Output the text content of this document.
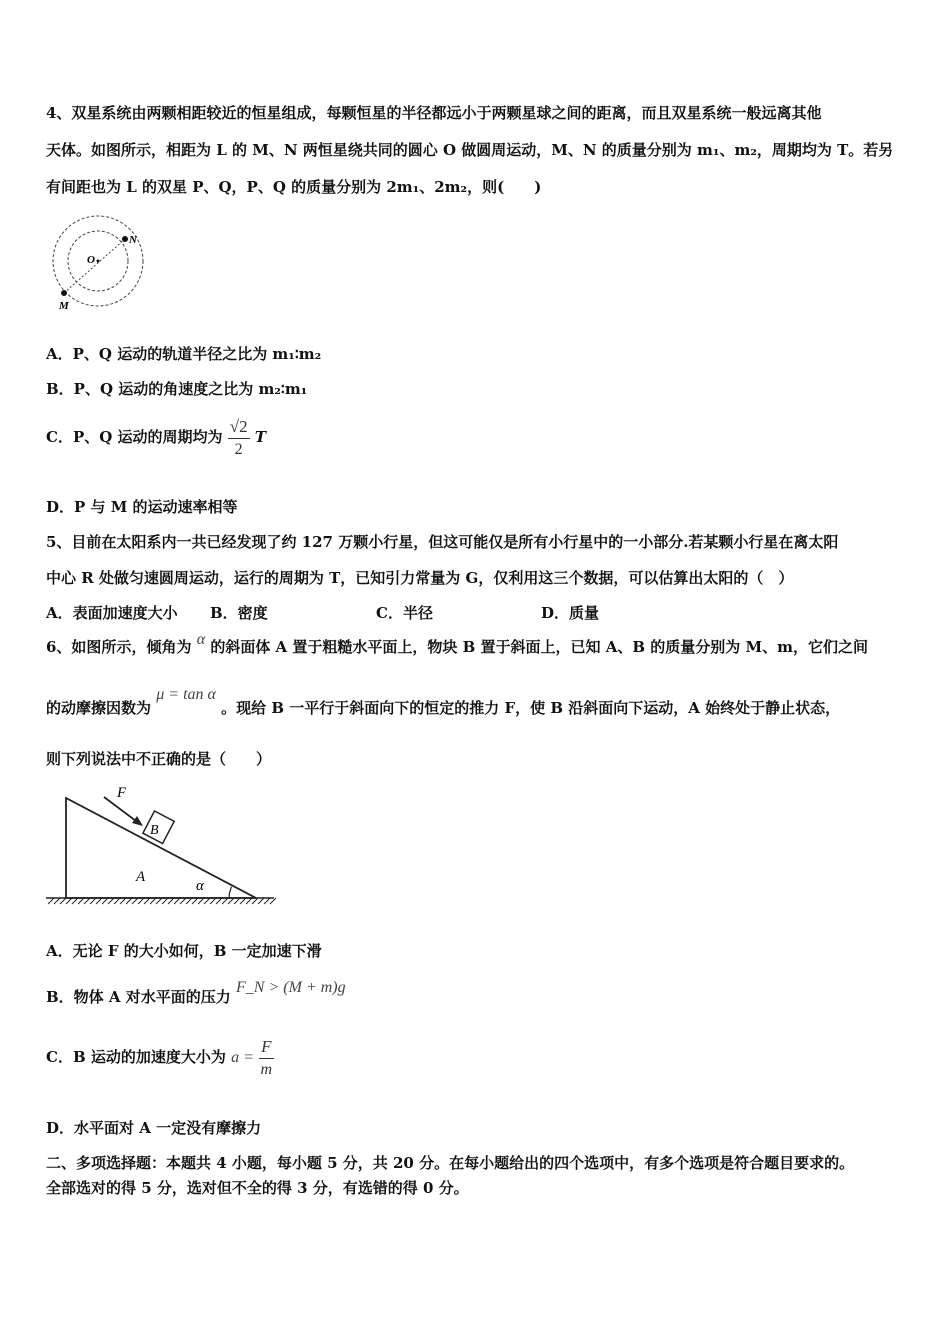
4、双星系统由两颗相距较近的恒星组成，每颗恒星的半径都远小于两颗星球之间的距离，而且双星系统一般远离其他
天体。如图所示，相距为 L 的 M、N 两恒星绕共同的圆心 O 做圆周运动，M、N 的质量分别为 m₁、m₂，周期均为 T。若另
有间距也为 L 的双星 P、Q，P、Q 的质量分别为 2m₁、2m₂，则(　　)
O
N
M
A．P、Q 运动的轨道半径之比为 m₁∶m₂
B．P、Q 运动的角速度之比为 m₂∶m₁
C．P、Q 运动的周期均为 $\frac{√2}{2}$ T
D．P 与 M 的运动速率相等
5、目前在太阳系内一共已经发现了约 127 万颗小行星，但这可能仅是所有小行星中的一小部分.若某颗小行星在离太阳
中心 R 处做匀速圆周运动，运行的周期为 T，已知引力常量为 G，仅利用这三个数据，可以估算出太阳的（　）
A．表面加速度大小 B．密度	C．半径	D．质量
6、如图所示，倾角为 α 的斜面体 A 置于粗糙水平面上，物块 B 置于斜面上，已知 A、B 的质量分别为 M、m，它们之间
的动摩擦因数为 μ = tan α 。现给 B 一平行于斜面向下的恒定的推力 F，使 B 沿斜面向下运动，A 始终处于静止状态，
则下列说法中不正确的是（　　）
F
B
A
α
A．无论 F 的大小如何，B 一定加速下滑
B．物体 A 对水平面的压力 F_N > (M + m)g
C．B 运动的加速度大小为 $a = \frac{F}{m}$
D．水平面对 A 一定没有摩擦力
二、多项选择题：本题共 4 小题，每小题 5 分，共 20 分。在每小题给出的四个选项中，有多个选项是符合题目要求的。
全部选对的得 5 分，选对但不全的得 3 分，有选错的得 0 分。
